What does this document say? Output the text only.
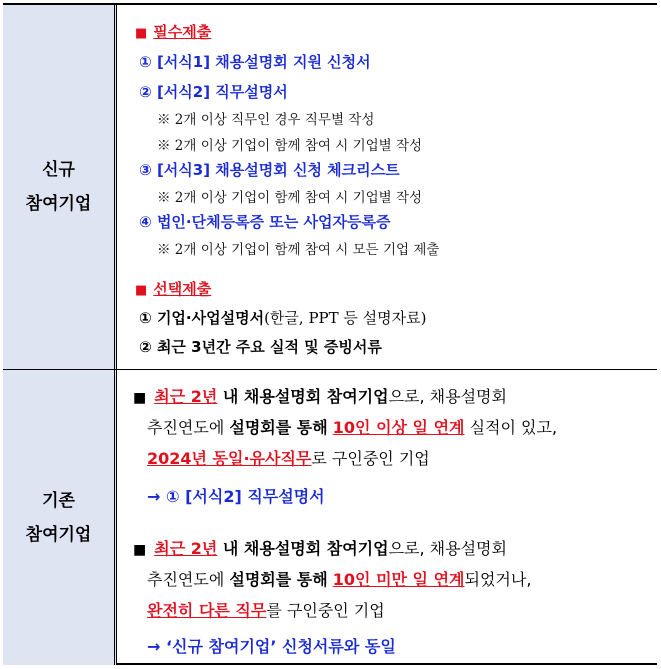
신규
참여기업
■ 필수제출
① [서식1] 채용설명회 지원 신청서
② [서식2] 직무설명서
※ 2개 이상 직무인 경우 직무별 작성
※ 2개 이상 기업이 함께 참여 시 기업별 작성
③ [서식3] 채용설명회 신청 체크리스트
※ 2개 이상 기업이 함께 참여 시 기업별 작성
④ 법인·단체등록증 또는 사업자등록증
※ 2개 이상 기업이 함께 참여 시 모든 기업 제출
■ 선택제출
① 기업·사업설명서(한글, PPT 등 설명자료)
② 최근 3년간 주요 실적 및 증빙서류
기존
참여기업
■ 최근 2년 내 채용설명회 참여기업으로, 채용설명회
추진연도에 설명회를 통해 10인 이상 일 연계 실적이 있고,
2024년 동일·유사직무로 구인중인 기업
→ ① [서식2] 직무설명서
■ 최근 2년 내 채용설명회 참여기업으로, 채용설명회
추진연도에 설명회를 통해 10인 미만 일 연계되었거나,
완전히 다른 직무를 구인중인 기업
→ ‘신규 참여기업’ 신청서류와 동일
